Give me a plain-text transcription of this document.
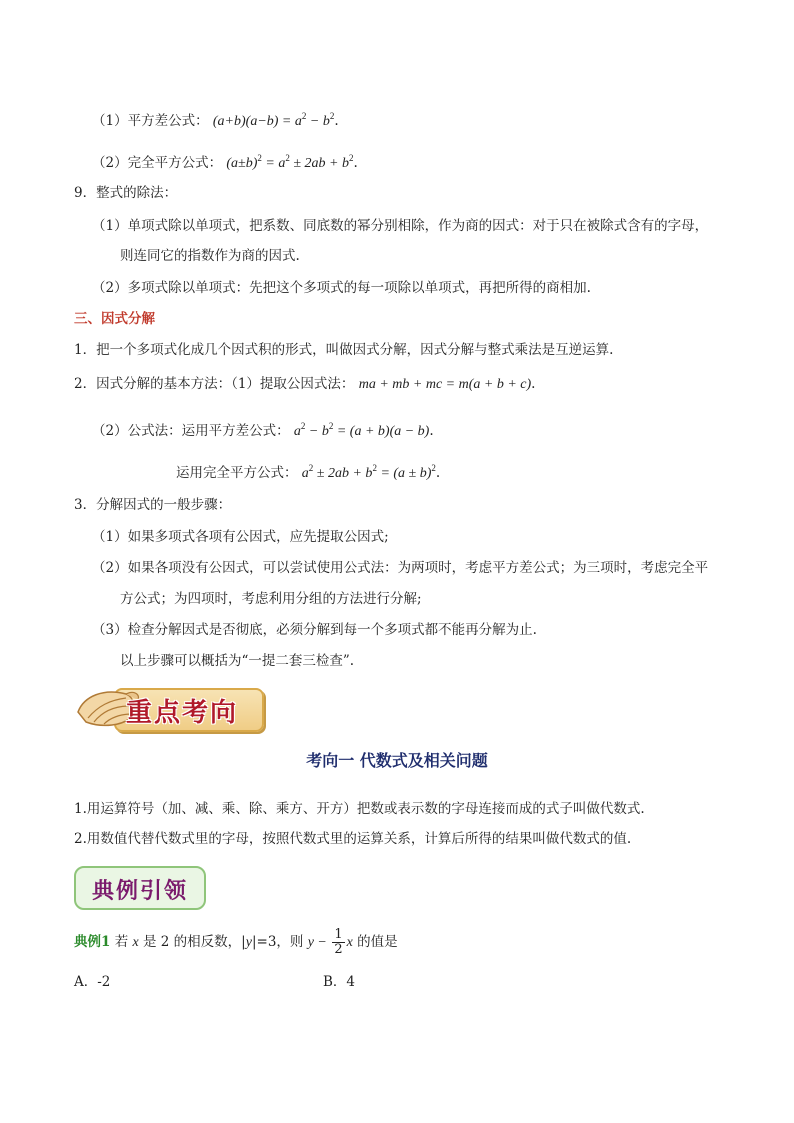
（1）平方差公式： $(a+b)(a-b) = a^2 - b^2$.
（2）完全平方公式： $(a\pm b)^2 = a^2 \pm 2ab + b^2$.
9．整式的除法：
（1）单项式除以单项式，把系数、同底数的幂分别相除，作为商的因式：对于只在被除式含有的字母，
则连同它的指数作为商的因式.
（2）多项式除以单项式：先把这个多项式的每一项除以单项式，再把所得的商相加.
三、因式分解
1．把一个多项式化成几个因式积的形式，叫做因式分解，因式分解与整式乘法是互逆运算.
2．因式分解的基本方法：（1）提取公因式法： ma + mb + mc = m(a + b + c).
（2）公式法：运用平方差公式： $a^2 - b^2 = (a + b)(a - b)$.
运用完全平方公式： $a^2 \pm 2ab + b^2 = (a \pm b)^2$.
3．分解因式的一般步骤：
（1）如果多项式各项有公因式，应先提取公因式;
（2）如果各项没有公因式，可以尝试使用公式法：为两项时，考虑平方差公式；为三项时，考虑完全平
方公式；为四项时，考虑利用分组的方法进行分解;
（3）检查分解因式是否彻底，必须分解到每一个多项式都不能再分解为止.
以上步骤可以概括为“一提二套三检查”.
重点考向
考向一 代数式及相关问题
1.用运算符号（加、减、乘、除、乘方、开方）把数或表示数的字母连接而成的式子叫做代数式.
2.用数值代替代数式里的字母，按照代数式里的运算关系，计算后所得的结果叫做代数式的值.
典例引领
典例1 若 x 是 2 的相反数，|y|=3，则 $y - \frac{1}{2}$ x 的值是
A．-2	B．4
